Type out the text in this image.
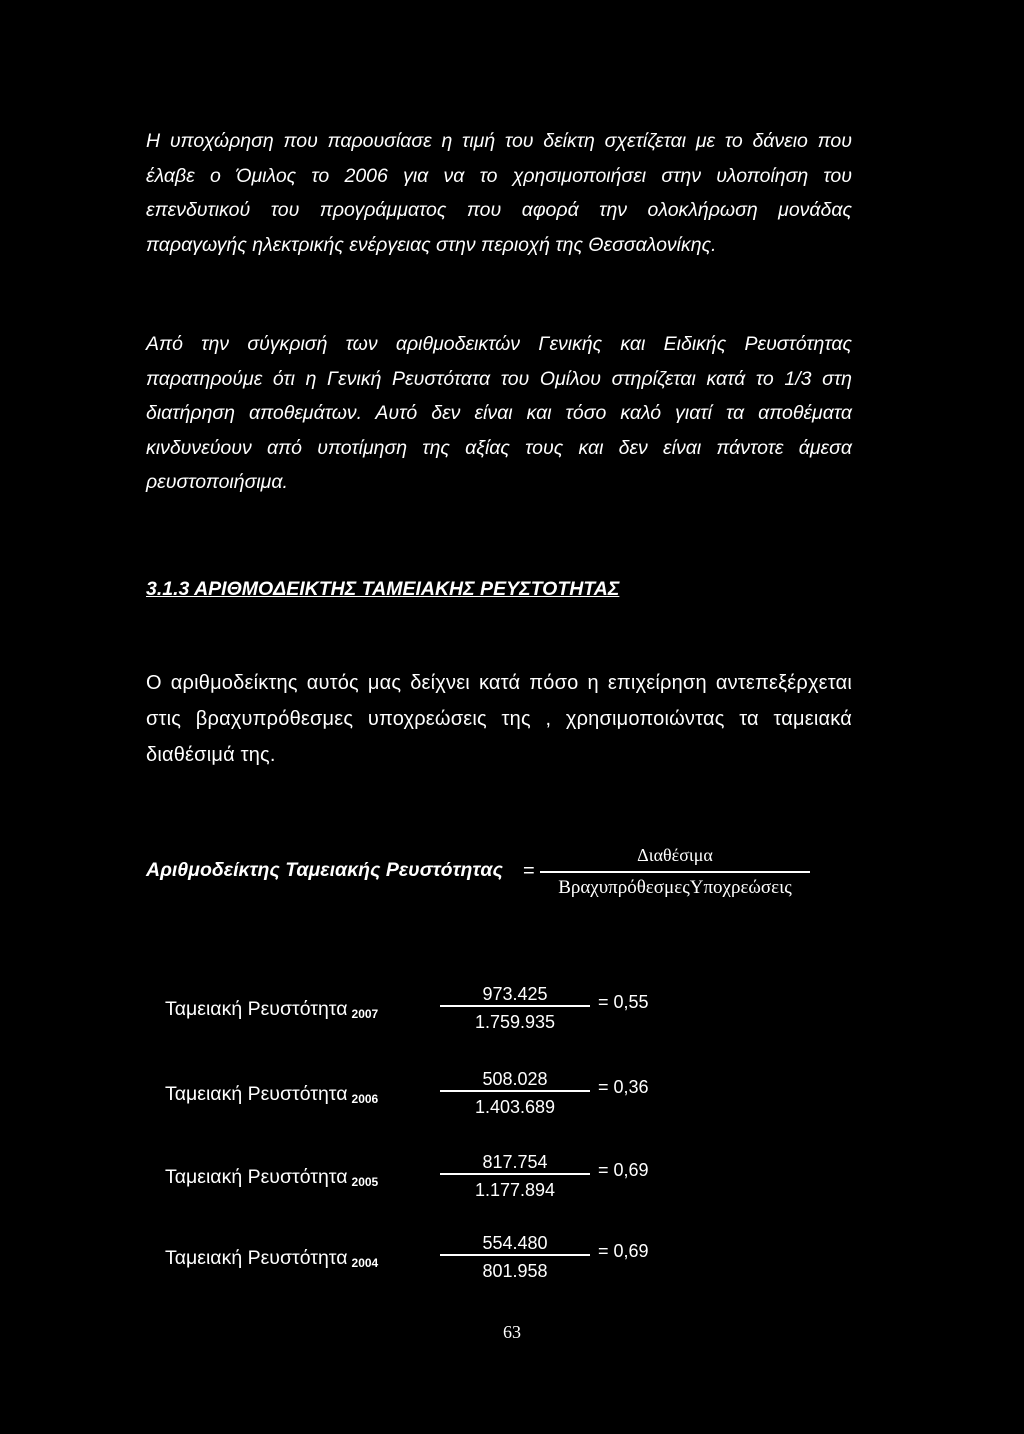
Η υποχώρηση που παρουσίασε η τιμή του δείκτη σχετίζεται με το δάνειο που
έλαβε ο Όμιλος το 2006 για να το χρησιμοποιήσει στην υλοποίηση του
επενδυτικού του προγράμματος που αφορά την ολοκλήρωση μονάδας
παραγωγής ηλεκτρικής ενέργειας στην περιοχή της Θεσσαλονίκης.
Από την σύγκρισή των αριθμοδεικτών Γενικής και Ειδικής Ρευστότητας
παρατηρούμε ότι η Γενική Ρευστότατα του Ομίλου στηρίζεται κατά το 1/3 στη
διατήρηση αποθεμάτων. Αυτό δεν είναι και τόσο καλό γιατί τα αποθέματα
κινδυνεύουν από υποτίμηση της αξίας τους και δεν είναι πάντοτε άμεσα
ρευστοποιήσιμα.
3.1.3 ΑΡΙΘΜΟΔΕΙΚΤΗΣ ΤΑΜΕΙΑΚΗΣ ΡΕΥΣΤΟΤΗΤΑΣ
Ο αριθμοδείκτης αυτός μας δείχνει κατά πόσο η επιχείρηση αντεπεξέρχεται
στις βραχυπρόθεσμες υποχρεώσεις της , χρησιμοποιώντας τα ταμειακά
διαθέσιμά της.
Αριθμοδείκτης Ταμειακής Ρευστότητας =
Διαθέσιμα
ΒραχυπρόθεσμεςΥποχρεώσεις
Ταμειακή Ρευστότητα $_{2007}$
973.425
1.759.935
= 0,55
Ταμειακή Ρευστότητα $_{2006}$
508.028
1.403.689
= 0,36
Ταμειακή Ρευστότητα $_{2005}$
817.754
1.177.894
= 0,69
Ταμειακή Ρευστότητα $_{2004}$
554.480
801.958
= 0,69
63
